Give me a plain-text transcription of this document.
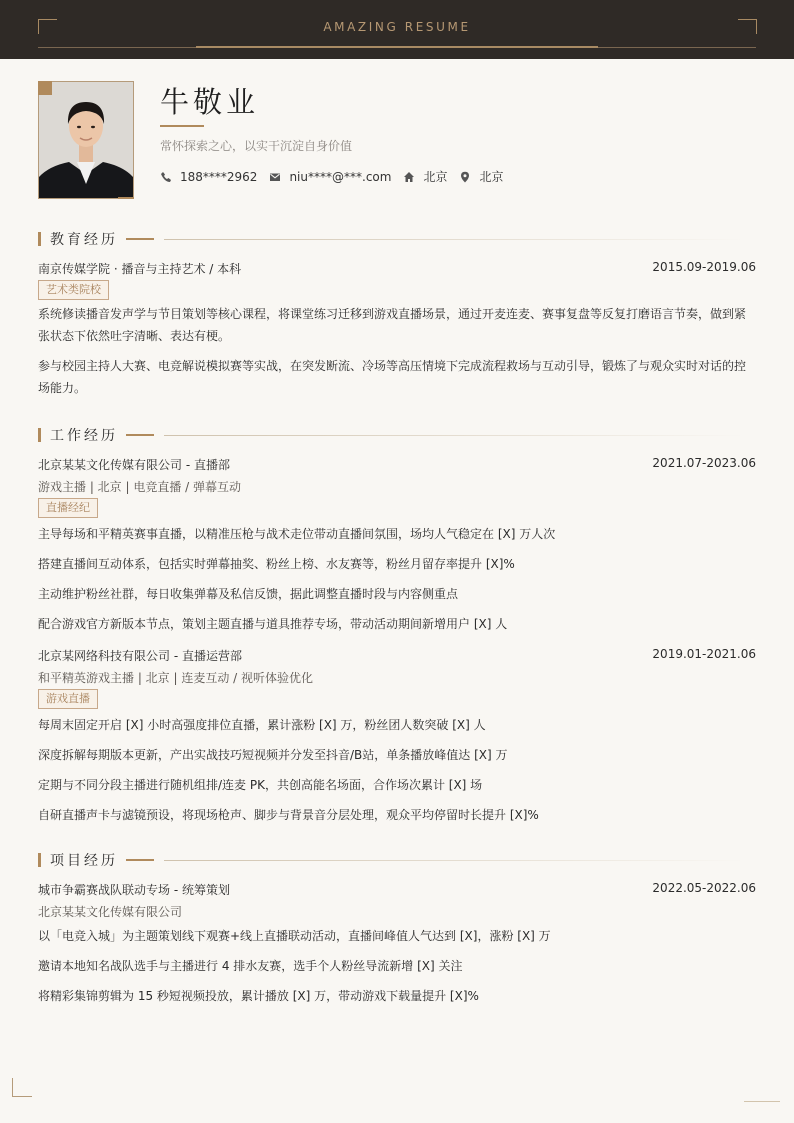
AMAZING RESUME
牛敬业
常怀探索之心，以实干沉淀自身价值
188****2962	niu****@***.com	北京	北京
教育经历
南京传媒学院 · 播音与主持艺术 / 本科	2015.09-2019.06
艺术类院校
系统修读播音发声学与节目策划等核心课程，将课堂练习迁移到游戏直播场景，通过开麦连麦、赛事复盘等反复打磨语言节奏，做到紧张状态下依然吐字清晰、表达有梗。
参与校园主持人大赛、电竞解说模拟赛等实战，在突发断流、冷场等高压情境下完成流程救场与互动引导，锻炼了与观众实时对话的控场能力。
工作经历
北京某某文化传媒有限公司 - 直播部	2021.07-2023.06
游戏主播 | 北京 | 电竞直播 / 弹幕互动
直播经纪
主导每场和平精英赛事直播，以精准压枪与战术走位带动直播间氛围，场均人气稳定在 [X] 万人次
搭建直播间互动体系，包括实时弹幕抽奖、粉丝上榜、水友赛等，粉丝月留存率提升 [X]%
主动维护粉丝社群，每日收集弹幕及私信反馈，据此调整直播时段与内容侧重点
配合游戏官方新版本节点，策划主题直播与道具推荐专场，带动活动期间新增用户 [X] 人
北京某网络科技有限公司 - 直播运营部	2019.01-2021.06
和平精英游戏主播 | 北京 | 连麦互动 / 视听体验优化
游戏直播
每周末固定开启 [X] 小时高强度排位直播，累计涨粉 [X] 万，粉丝团人数突破 [X] 人
深度拆解每期版本更新，产出实战技巧短视频并分发至抖音/B站，单条播放峰值达 [X] 万
定期与不同分段主播进行随机组排/连麦 PK，共创高能名场面，合作场次累计 [X] 场
自研直播声卡与滤镜预设，将现场枪声、脚步与背景音分层处理，观众平均停留时长提升 [X]%
项目经历
城市争霸赛战队联动专场 - 统筹策划	2022.05-2022.06
北京某某文化传媒有限公司
以「电竞入城」为主题策划线下观赛+线上直播联动活动，直播间峰值人气达到 [X]，涨粉 [X] 万
邀请本地知名战队选手与主播进行 4 排水友赛，选手个人粉丝导流新增 [X] 关注
将精彩集锦剪辑为 15 秒短视频投放，累计播放 [X] 万，带动游戏下载量提升 [X]%
